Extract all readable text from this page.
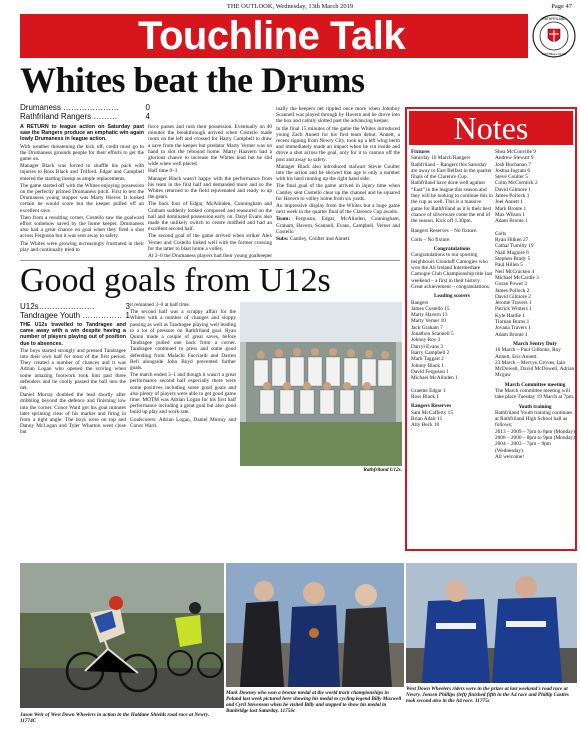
THE OUTLOOK, Wednesday, 13th March 2019	Page 47
Touchline Talk	RATHFRILAND
FOOTBALL CLUB
Whites beat the Drums
Drumaness …………………	0
Rathfriland Rangers ………	4

A RETURN to league action on Saturday past saw the Rangers produce an emphatic win again lowly Drumaness in league action.

With weather threatening the kick off, credit must go to the Drumaness grounds people for their efforts to get the game on.

Manager Black was forced to shuffle his pack with injuries to Ross Black and Trilford. Edgar and Campbell entered the starting lineup as ample replacements.

The game started off with the Whites enjoying possession on the perfectly primed Drumaness pitch. First to test the Drumaness young stopper was Marty Hiever. It looked certain he would score but the keeper pulled off an excellent save.

Then from a resulting corner, Costello saw the goalward effort somehow saved by the home keeper. Drumaness also had a great chance on goal when they fired a shot across Ferguson but it was sent away to safety.

The Whites were growing increasingly frustrated in their play and continually tried to

force passes and rush their possession. Eventually on 40 minutes the breakthrough arrived when Costello made room on the left and crossed for Harry Campbell to draw a save from the keeper but predator Marty Verner was on hand to slot the rebound home. Marty Haavern had a glorious chance to increase the Whites lead but he slid wide when well placed.

Half time 0–1

Manager Black wasn't happy with the performance from his team in the first half and demanded more and so the Whites returned to the field rejuvenated and ready to up the gears.

The back four of Edgar, McAlinden, Cunningham and Graham suddenly looked composed and reassured on the ball and dominated possession early on. Daryl Evans also made the unlikely switch to centre midfield and had an excellent second half.

The second goal of the game arrived when striker Alex Verner and Costello linked well with the former crossing for the latter to blast home a volley.

At 2–0 the Drumaness players had their young goalkeeper

tually the keepers net rippled once more when Johnboy Scannell was played through by Havern and he drove into the box and calmly slotted past the advancing keeper.

In the final 15 minutes of the game the Whites introduced young Zach Annett for his first team debut. Annett, a recent signing from Newry City, took up a left wing berth and immediately made an impact when he cut inside and drove a shot across the goal, only for it to cannon off the post and away to safety.

Manager Black also introduced stalwart Stevie Coulter into the action and he showed that age is only a number with his hard running up the right hand side.

The final goal of the game arrived in injury time when Cantley sent Costello clear up the channel and he squared for Havern to volley home from six yards.

An impressive display from the Whites but a huge game next week in the quarter final of the Clarence Cup awaits.

Team: Ferguson, Edgar, McAlinden, Cunningham, Graham, Havern, Scannell, Evans, Campbell, Verner and Costello

Subs: Cantley, Coulter and Annett.

Good goals from U12s
U12s…………………	3
Tandragee Youth …………… 1

THE U12s travelled to Tandragee and came away with a win despite having a number of players playing out of position due to absences.

The boys started strongly and pressed Tandragee into their own half for most of the first period. They created a number of chances and it was Adrian Logan who opened the scoring when some amazing footwork took him past three defenders and he coolly passed the ball into the net.

Daniel Murray doubled the lead shortly after dribbling beyond the defence and finishing low into the corner. Conor Ward got his goal minutes later sprinting clear of his marker and firing in from a tight angle. The boys were on top and Danny McLogan and Tyler Wharton went close but

it remained 3–0 at half time.

The second half was a scrappy affair for the Whites with a number of changes and sloppy passing as well as Tandragee playing well leading to a lot of pressure on Rathfriland goal. Ryan Quinn made a couple of great saves, before Tandragee pulled one back from a corner. Tandragee continued to press and some good defending from Malachi Fucciardi and Darren Bell alongside John Boyd prevented further goals.

The match ended 3–1 and though it wasn't a great performance second half especially there were some positives including some good goals and also plenty of players were able to get good game time. MOTM was Adrian Logan for his first half performance including a great goal but also good build up play and work rate.

Goalscorers: Adrian Logan, Daniel Murray and Conor Ward.

Rathfriland U12s.
Notes

Fixtures
Saturday 16 March Rangers Rathfriland – Rangers this Saturday are away to East Belfast in the quarter finals of the Clarence Cup. Rathfriland have done well against “East” in the league this season and they will be looking to continue this in the cup as well. This is a massive game for Rathfriland as it is their best chance of silverware come the end of the season. Kick off 1.30pm.

Rangers Reserves – No fixture.

Colts – No fixture.

Congratulations
Congratulations to our sporting neighbours Clonduff Camogies who won the All Ireland Intermediate Camogie Club Championship title last weekend – a first in their history. Great achievement – congratulations.

Leading scorers
Rangers
James Costello 15
Marty Havern 13
Marty Verner 10
Jack Graham 7
Jonathon Scannell 5
Johnny Roy 3
Darryl Evans 3
Harry Campbell 2
Mark Taggart 2
Johnny Black 1
David Ferguson 1
Michael McAlinden 1

Graeme Edgar 1
Ross Black 1

Rangers Reserves
Sam McCafferty 15
Brian Adair 11
Ally Beck 10

Shea McConville 9
Andrew Stewart 9
Josh Buchanan 7
Joshua Ingram 6
Steve Coulter 5
Colm McCormick 2
David Gilmore 1
James Pollock 1
Joel Annett 1
Mark Bronte 1
Max Wilson 1
Adam Bronte 1

Colts
Ryan Hilken 27
Cathal Tumilty 19
Niall Maguire 6
Stephen Brady 5
Paul Hillen 5
Neil McCracken 4
Michael McCardle 3
Goran Power 2
James Pollock 2
David Gilmore 2
Jerome Travers 1
Patrick Winters 1
Kyle Hardie 1
Tiarnan Burns 1
Jovana Travers 1
Adam Bronte 1

March Sentry Duty
16 March – Paul Gibbons, Roy Annett, Eric Annett.
23 March – Mervyn Groves, Iain McDowell, David McDowell, Adrian Mcgaw

March Committee meeting
The March committee meeting will take place Tuesday 19 March at 7pm.

Youth training
Rathfriland Youth training continues at Rathfriland High School hall as follows:
2013 – 2009 – 7pm to 8pm (Monday)
2008 – 2006 – 8pm to 9pm (Monday)
2004 – 2003 – 7pm – 9pm (Wednesday).
All welcome!

Jason Weir of West Down Wheelers in action in the Haldane Shields road race at Newry. 11774C
Mark Downey who won a bronze medal at the world track championships in Poland last week pictured here showing his medal to cycling legend Billy Maxwell and Cyril Stevenson when he visited Billy and stopped to show his medal in Banbridge last Saturday. 11756c
West Down Wheelers riders were in the prizes at last weekend's road race at Newry. Jonsen Phillips (left) finished fifth in the A4 race and Phillip Castles took second also in the A4 race. 11775c
